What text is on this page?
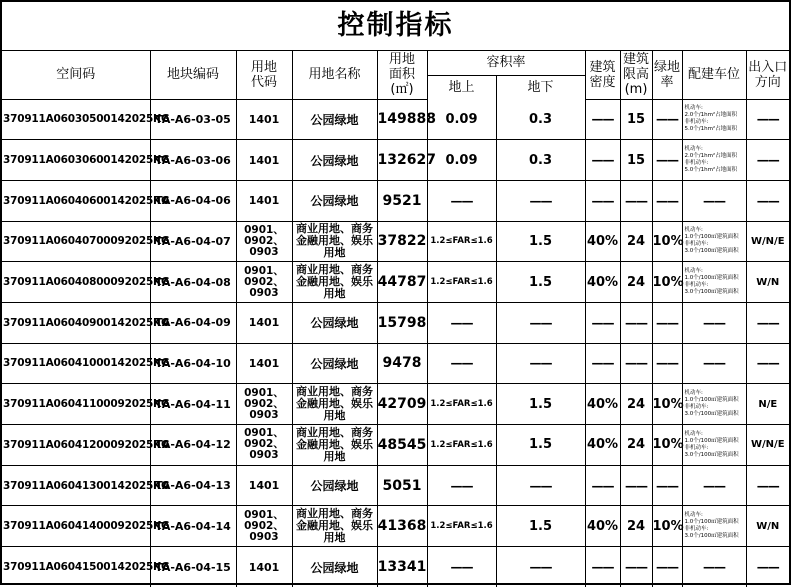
控制指标
空间码	地块编码	用地代码	用地名称	用地面积(㎡)	容积率		建筑密度	建筑限高(m)	绿地率	配建车位	出入口方向
					地上	地下					
370911A06030500142025KG	TA-A6-03-05	1401	公园绿地	149888	0.09	0.3	——	15	——	机动车:
2.0个/1hm²占地面积
非机动车:
5.0个/1hm²占地面积	——
370911A06030600142025KG	TA-A6-03-06	1401	公园绿地	132627	0.09	0.3	——	15	——	机动车:
2.0个/1hm²占地面积
非机动车:
5.0个/1hm²占地面积	——
370911A06040600142025KG	TA-A6-04-06	1401	公园绿地	9521	——	——	——	——	——	——	——
370911A06040700092025KG	TA-A6-04-07	0901、0902、0903	商业用地、商务金融用地、娱乐用地	37822	1.2≤FAR≤1.6	1.5	40%	24	10%	机动车:
1.0个/100㎡建筑面积
非机动车:
3.0个/100㎡建筑面积	W/N/E
370911A06040800092025KG	TA-A6-04-08	0901、0902、0903	商业用地、商务金融用地、娱乐用地	44787	1.2≤FAR≤1.6	1.5	40%	24	10%	机动车:
1.0个/100㎡建筑面积
非机动车:
3.0个/100㎡建筑面积	W/N
370911A06040900142025KG	TA-A6-04-09	1401	公园绿地	15798	——	——	——	——	——	——	——
370911A06041000142025KG	TA-A6-04-10	1401	公园绿地	9478	——	——	——	——	——	——	——
370911A06041100092025KG	TA-A6-04-11	0901、0902、0903	商业用地、商务金融用地、娱乐用地	42709	1.2≤FAR≤1.6	1.5	40%	24	10%	机动车:
1.0个/100㎡建筑面积
非机动车:
3.0个/100㎡建筑面积	N/E
370911A06041200092025KG	TA-A6-04-12	0901、0902、0903	商业用地、商务金融用地、娱乐用地	48545	1.2≤FAR≤1.6	1.5	40%	24	10%	机动车:
1.0个/100㎡建筑面积
非机动车:
3.0个/100㎡建筑面积	W/N/E
370911A06041300142025KG	TA-A6-04-13	1401	公园绿地	5051	——	——	——	——	——	——	——
370911A06041400092025KG	TA-A6-04-14	0901、0902、0903	商业用地、商务金融用地、娱乐用地	41368	1.2≤FAR≤1.6	1.5	40%	24	10%	机动车:
1.0个/100㎡建筑面积
非机动车:
3.0个/100㎡建筑面积	W/N
370911A06041500142025KG	TA-A6-04-15	1401	公园绿地	13341	——	——	——	——	——	——	——
